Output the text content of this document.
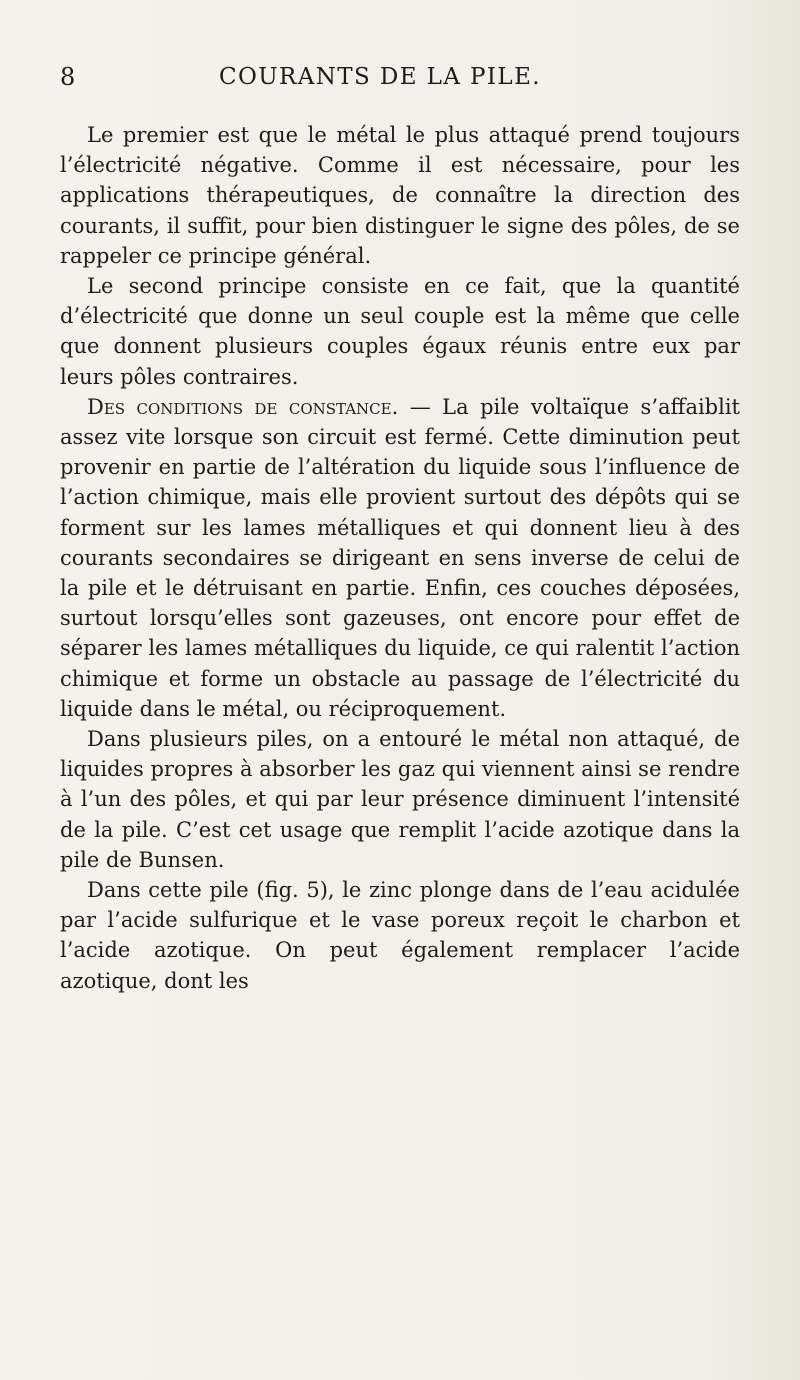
8	COURANTS DE LA PILE.

Le premier est que le métal le plus attaqué prend toujours l’électricité négative. Comme il est nécessaire, pour les applications thérapeutiques, de connaître la direction des courants, il suffit, pour bien distinguer le signe des pôles, de se rappeler ce principe général.

Le second principe consiste en ce fait, que la quantité d’électricité que donne un seul couple est la même que celle que donnent plusieurs couples égaux réunis entre eux par leurs pôles contraires.

Des conditions de constance. — La pile voltaïque s’affaiblit assez vite lorsque son circuit est fermé. Cette diminution peut provenir en partie de l’altération du liquide sous l’influence de l’action chimique, mais elle provient surtout des dépôts qui se forment sur les lames métalliques et qui donnent lieu à des courants secondaires se dirigeant en sens inverse de celui de la pile et le détruisant en partie. Enfin, ces couches déposées, surtout lorsqu’elles sont gazeuses, ont encore pour effet de séparer les lames métalliques du liquide, ce qui ralentit l’action chimique et forme un obstacle au passage de l’électricité du liquide dans le métal, ou réciproquement.

Dans plusieurs piles, on a entouré le métal non attaqué, de liquides propres à absorber les gaz qui viennent ainsi se rendre à l’un des pôles, et qui par leur présence diminuent l’intensité de la pile. C’est cet usage que remplit l’acide azotique dans la pile de Bunsen.

Dans cette pile (fig. 5), le zinc plonge dans de l’eau acidulée par l’acide sulfurique et le vase poreux reçoit le charbon et l’acide azotique. On peut également remplacer l’acide azotique, dont les
